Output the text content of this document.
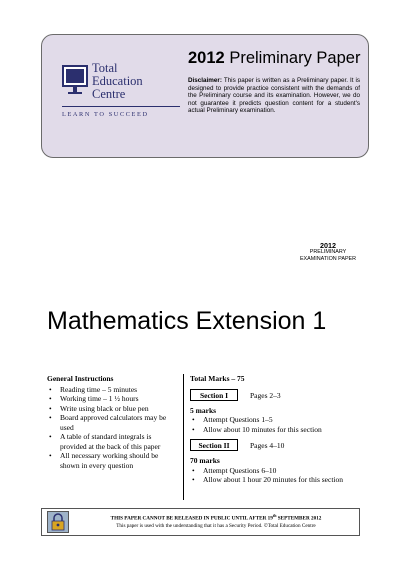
Total
Education
Centre
LEARN TO SUCCEED
2012 Preliminary Paper
Disclaimer: This paper is written as a Preliminary paper. It is designed to provide practice consistent with the demands of the Preliminary course and its examination. However, we do not guarantee it predicts question content for a student's actual Preliminary examination.
2012
PRELIMINARY
EXAMINATION PAPER
Mathematics Extension 1
General Instructions
• Reading time – 5 minutes
• Working time – 1 ½ hours
• Write using black or blue pen
• Board approved calculators may be used
• A table of standard integrals is provided at the back of this paper
• All necessary working should be shown in every question
Total Marks – 75
Section I	Pages 2–3
5 marks
• Attempt Questions 1–5
• Allow about 10 minutes for this section
Section II	Pages 4–10
70 marks
• Attempt Questions 6–10
• Allow about 1 hour 20 minutes for this section
THIS PAPER CANNOT BE RELEASED IN PUBLIC UNTIL AFTER 19th SEPTEMBER 2012
This paper is used with the understanding that it has a Security Period. ©Total Education Centre
